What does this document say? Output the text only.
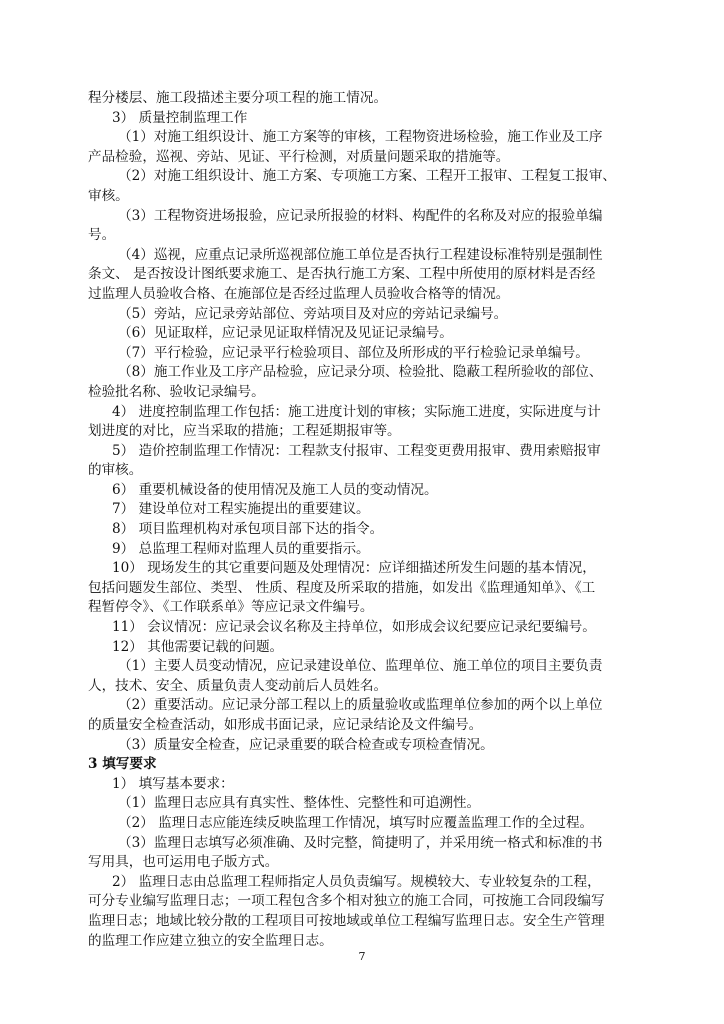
程分楼层、施工段描述主要分项工程的施工情况。
3） 质量控制监理工作
（1）对施工组织设计、施工方案等的审核，工程物资进场检验，施工作业及工序
产品检验，巡视、旁站、见证、平行检测，对质量问题采取的措施等。
（2）对施工组织设计、施工方案、专项施工方案、工程开工报审、工程复工报审、
审核。
（3）工程物资进场报验，应记录所报验的材料、构配件的名称及对应的报验单编
号。
（4）巡视，应重点记录所巡视部位施工单位是否执行工程建设标准特别是强制性
条文、 是否按设计图纸要求施工、是否执行施工方案、工程中所使用的原材料是否经
过监理人员验收合格、在施部位是否经过监理人员验收合格等的情况。
（5）旁站，应记录旁站部位、旁站项目及对应的旁站记录编号。
（6）见证取样，应记录见证取样情况及见证记录编号。
（7）平行检验，应记录平行检验项目、部位及所形成的平行检验记录单编号。
（8）施工作业及工序产品检验，应记录分项、检验批、隐蔽工程所验收的部位、
检验批名称、验收记录编号。
4） 进度控制监理工作包括：施工进度计划的审核；实际施工进度，实际进度与计
划进度的对比，应当采取的措施；工程延期报审等。
5） 造价控制监理工作情况：工程款支付报审、工程变更费用报审、费用索赔报审
的审核。
6） 重要机械设备的使用情况及施工人员的变动情况。
7） 建设单位对工程实施提出的重要建议。
8） 项目监理机构对承包项目部下达的指令。
9） 总监理工程师对监理人员的重要指示。
10） 现场发生的其它重要问题及处理情况：应详细描述所发生问题的基本情况，
包括问题发生部位、类型、 性质、程度及所采取的措施，如发出《监理通知单》、《工
程暂停令》、《工作联系单》等应记录文件编号。
11） 会议情况：应记录会议名称及主持单位，如形成会议纪要应记录纪要编号。
12） 其他需要记载的问题。
（1）主要人员变动情况，应记录建设单位、监理单位、施工单位的项目主要负责
人，技术、安全、质量负责人变动前后人员姓名。
（2）重要活动。应记录分部工程以上的质量验收或监理单位参加的两个以上单位
的质量安全检查活动，如形成书面记录，应记录结论及文件编号。
（3）质量安全检查，应记录重要的联合检查或专项检查情况。
3 填写要求
1） 填写基本要求：
（1）监理日志应具有真实性、整体性、完整性和可追溯性。
（2） 监理日志应能连续反映监理工作情况，填写时应覆盖监理工作的全过程。
（3）监理日志填写必须准确、及时完整，简捷明了，并采用统一格式和标准的书
写用具，也可运用电子版方式。
2） 监理日志由总监理工程师指定人员负责编写。规模较大、专业较复杂的工程，
可分专业编写监理日志；一项工程包含多个相对独立的施工合同，可按施工合同段编写
监理日志；地域比较分散的工程项目可按地域或单位工程编写监理日志。安全生产管理
的监理工作应建立独立的安全监理日志。
7
